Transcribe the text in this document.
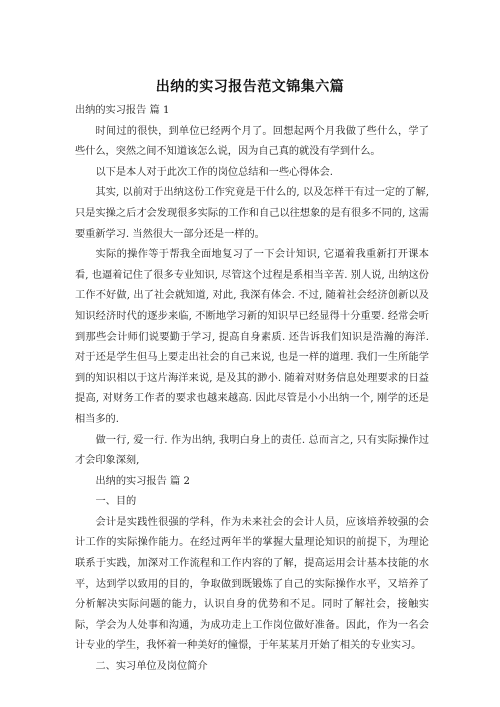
出纳的实习报告范文锦集六篇

出纳的实习报告 篇 1

时间过的很快，到单位已经两个月了。回想起两个月我做了些什么，学了些什么，突然之间不知道该怎么说，因为自己真的就没有学到什么。

以下是本人对于此次工作的岗位总结和一些心得体会.

其实, 以前对于出纳这份工作究竟是干什么的, 以及怎样干有过一定的了解, 只是实操之后才会发现很多实际的工作和自己以往想象的是有很多不同的, 这需要重新学习. 当然很大一部分还是一样的。

实际的操作等于帮我全面地复习了一下会计知识, 它逼着我重新打开课本看, 也逼着记住了很多专业知识, 尽管这个过程是系相当辛苦. 别人说, 出纳这份工作不好做, 出了社会就知道, 对此, 我深有体会. 不过, 随着社会经济创新以及知识经济时代的逐步来临, 不断地学习新的知识早已经显得十分重要. 经常会听到那些会计师们说要勤于学习, 提高自身素质. 还告诉我们知识是浩瀚的海洋. 对于还是学生但马上要走出社会的自己来说, 也是一样的道理. 我们一生所能学到的知识相以于这片海洋来说, 是及其的渺小. 随着对财务信息处理要求的日益提高, 对财务工作者的要求也越来越高. 因此尽管是小小出纳一个, 刚学的还是相当多的.

做一行, 爱一行. 作为出纳, 我明白身上的责任. 总而言之, 只有实际操作过才会印象深刻,

出纳的实习报告 篇 2

一、目的

会计是实践性很强的学科，作为未来社会的会计人员，应该培养较强的会计工作的实际操作能力。在经过两年半的掌握大量理论知识的前提下，为理论联系于实践，加深对工作流程和工作内容的了解，提高运用会计基本技能的水平，达到学以致用的目的，争取做到既锻炼了自己的实际操作水平，又培养了分析解决实际问题的能力，认识自身的优势和不足。同时了解社会，接触实际，学会为人处事和沟通，为成功走上工作岗位做好准备。因此，作为一名会计专业的学生，我怀着一种美好的憧憬，于年某某月开始了相关的专业实习。

二、实习单位及岗位简介
